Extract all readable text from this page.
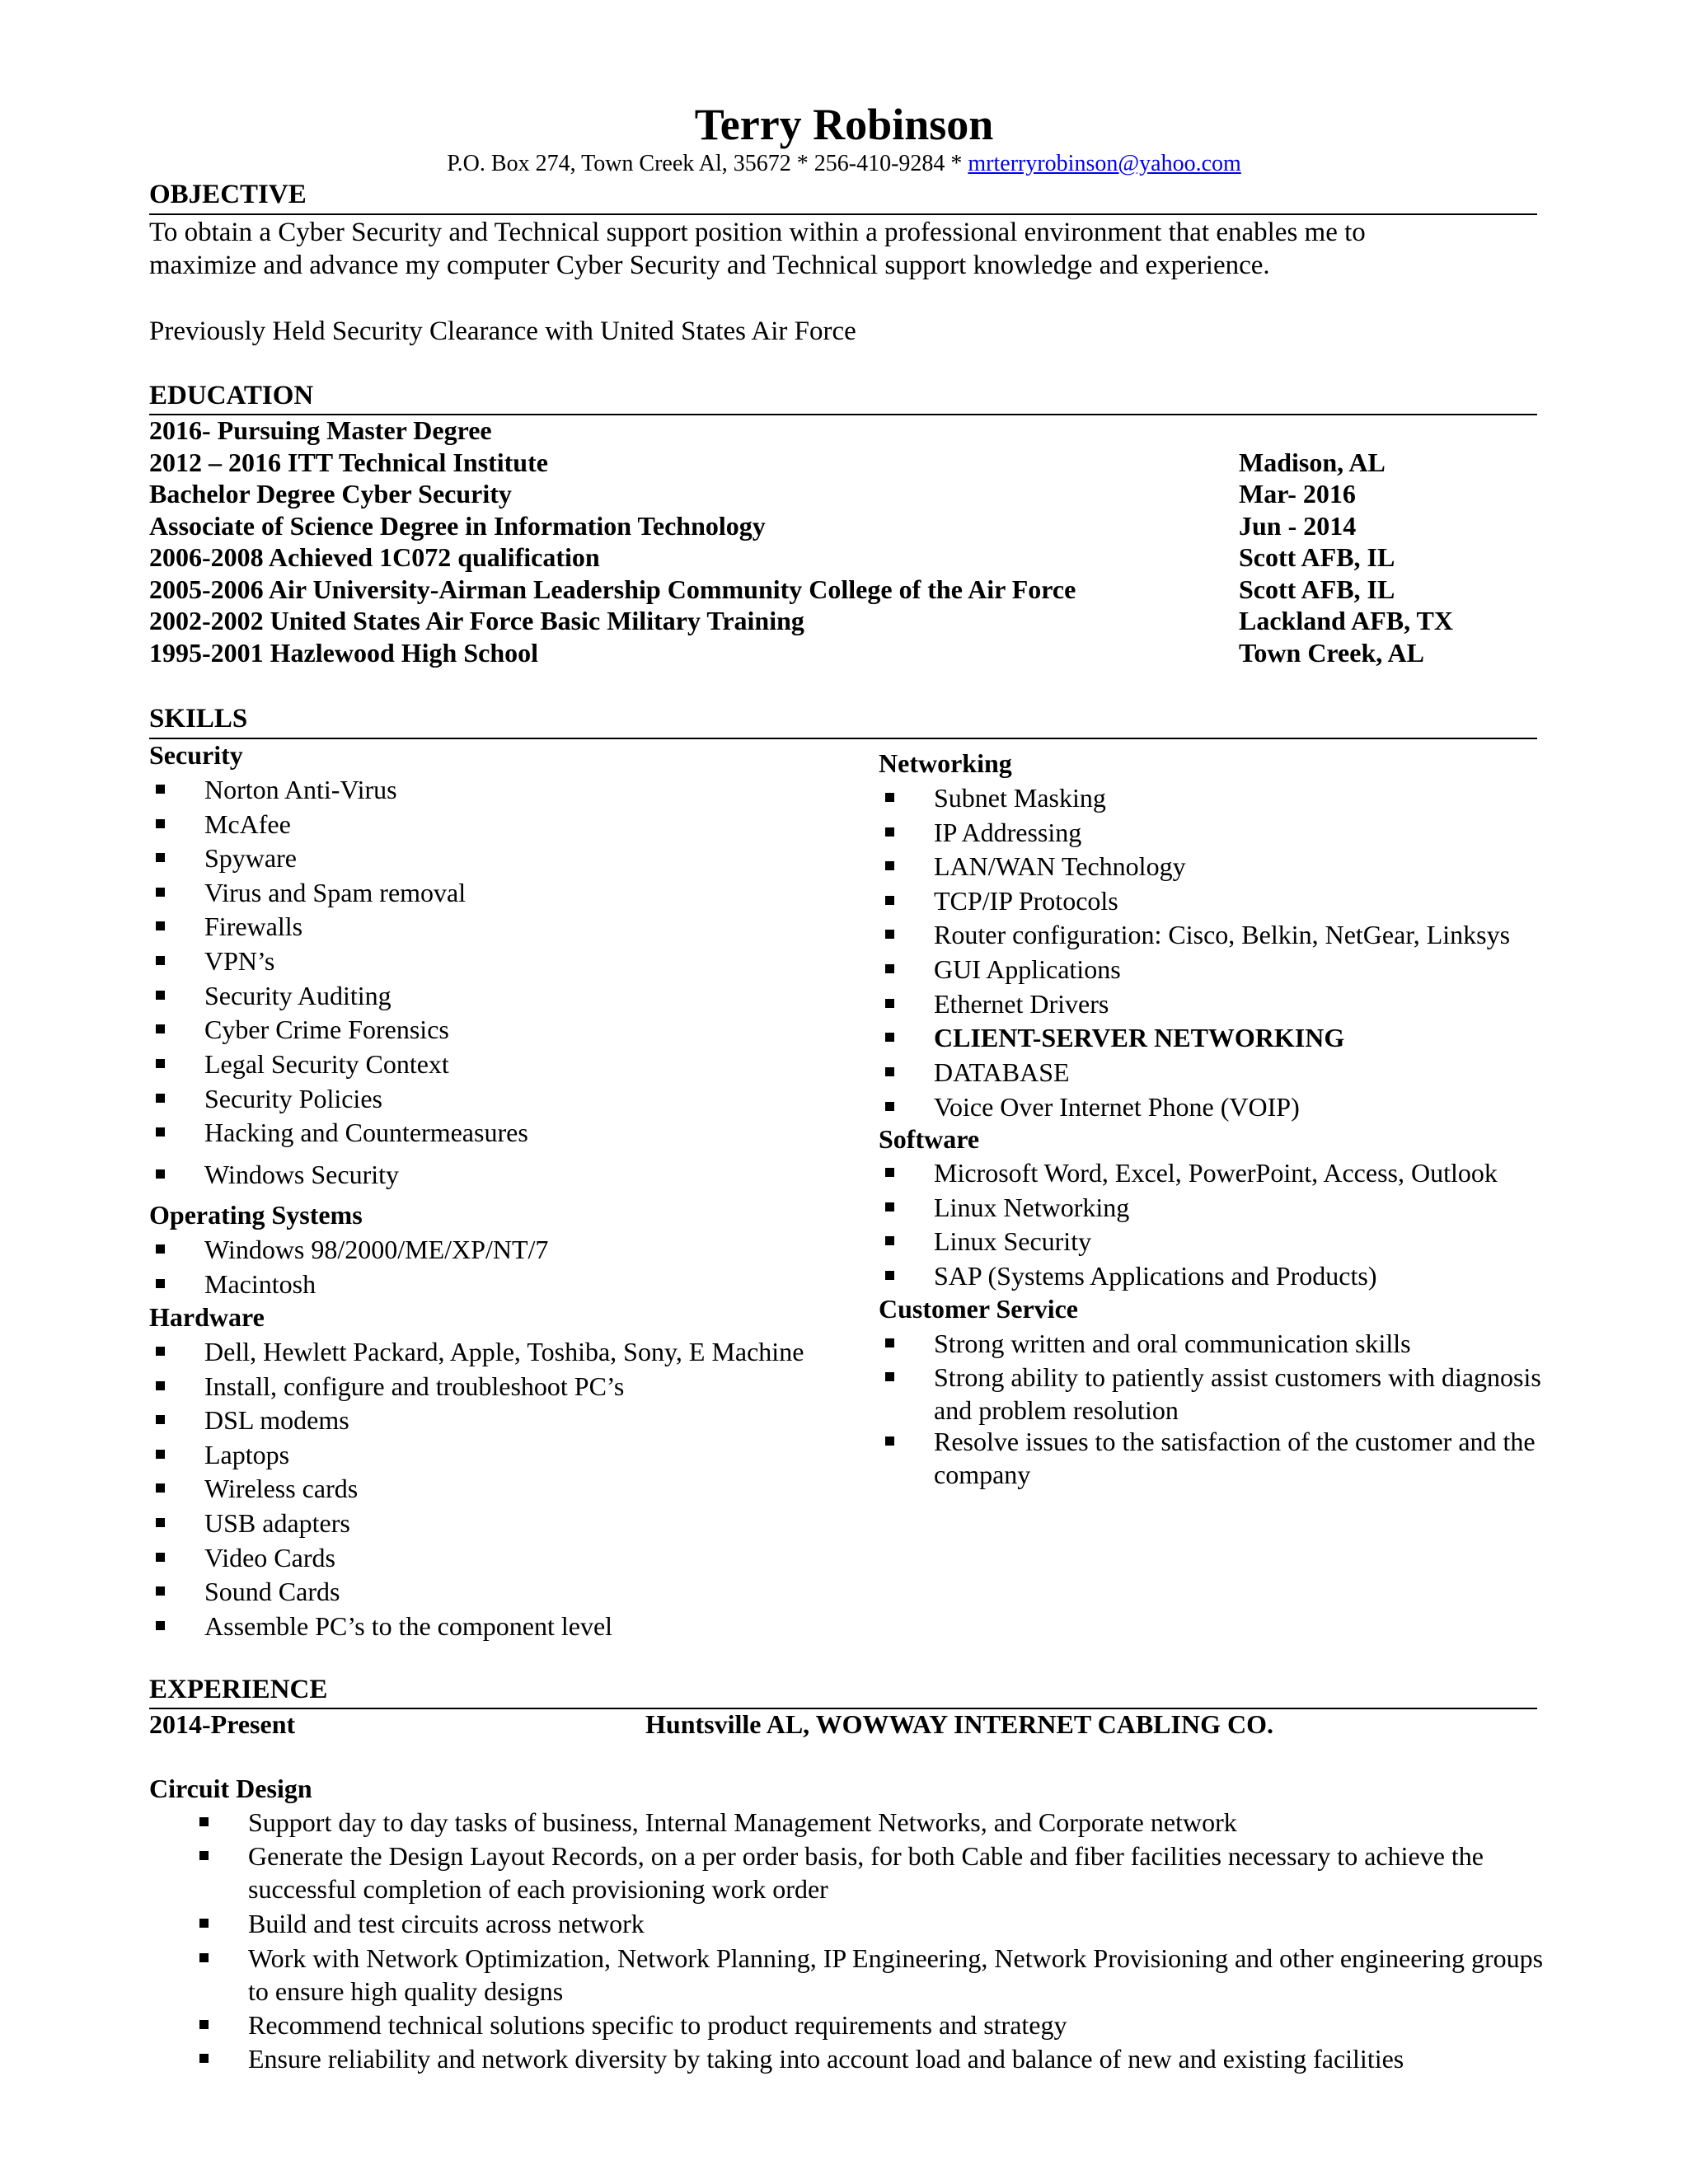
Terry Robinson
P.O. Box 274, Town Creek Al, 35672 * 256-410-9284 * mrterryrobinson@yahoo.com
OBJECTIVE
To obtain a Cyber Security and Technical support position within a professional environment that enables me to
maximize and advance my computer Cyber Security and Technical support knowledge and experience.
Previously Held Security Clearance with United States Air Force
EDUCATION
2016- Pursuing Master Degree
2012 – 2016 ITT Technical Institute	Madison, AL
Bachelor Degree Cyber Security	Mar- 2016
Associate of Science Degree in Information Technology	Jun - 2014
2006-2008 Achieved 1C072 qualification	Scott AFB, IL
2005-2006 Air University-Airman Leadership Community College of the Air Force	Scott AFB, IL
2002-2002 United States Air Force Basic Military Training	Lackland AFB, TX
1995-2001 Hazlewood High School	Town Creek, AL
SKILLS
Security
Norton Anti-Virus
McAfee
Spyware
Virus and Spam removal
Firewalls
VPN’s
Security Auditing
Cyber Crime Forensics
Legal Security Context
Security Policies
Hacking and Countermeasures
Windows Security
Operating Systems
Windows 98/2000/ME/XP/NT/7
Macintosh
Hardware
Dell, Hewlett Packard, Apple, Toshiba, Sony, E Machine
Install, configure and troubleshoot PC’s
DSL modems
Laptops
Wireless cards
USB adapters
Video Cards
Sound Cards
Assemble PC’s to the component level
Networking
Subnet Masking
IP Addressing
LAN/WAN Technology
TCP/IP Protocols
Router configuration: Cisco, Belkin, NetGear, Linksys
GUI Applications
Ethernet Drivers
CLIENT-SERVER NETWORKING
DATABASE
Voice Over Internet Phone (VOIP)
Software
Microsoft Word, Excel, PowerPoint, Access, Outlook
Linux Networking
Linux Security
SAP (Systems Applications and Products)
Customer Service
Strong written and oral communication skills
Strong ability to patiently assist customers with diagnosis and problem resolution
Resolve issues to the satisfaction of the customer and the company
EXPERIENCE
2014-Present	Huntsville AL, WOWWAY INTERNET CABLING CO.
Circuit Design
Support day to day tasks of business, Internal Management Networks, and Corporate network
Generate the Design Layout Records, on a per order basis, for both Cable and fiber facilities necessary to achieve the successful completion of each provisioning work order
Build and test circuits across network
Work with Network Optimization, Network Planning, IP Engineering, Network Provisioning and other engineering groups to ensure high quality designs
Recommend technical solutions specific to product requirements and strategy
Ensure reliability and network diversity by taking into account load and balance of new and existing facilities
